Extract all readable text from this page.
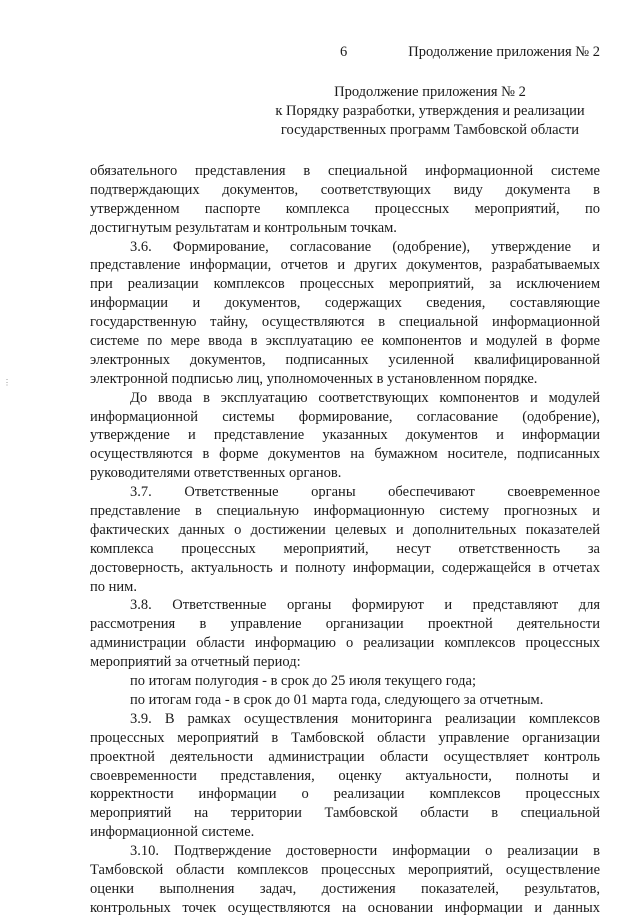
6	Продолжение приложения № 2
Продолжение приложения № 2
к Порядку разработки, утверждения и реализации
государственных программ Тамбовской области
обязательного представления в специальной информационной системе
подтверждающих документов, соответствующих виду документа в
утвержденном паспорте комплекса процессных мероприятий, по
достигнутым результатам и контрольным точкам.
3.6. Формирование, согласование (одобрение), утверждение и
представление информации, отчетов и других документов, разрабатываемых
при реализации комплексов процессных мероприятий, за исключением
информации и документов, содержащих сведения, составляющие
государственную тайну, осуществляются в специальной информационной
системе по мере ввода в эксплуатацию ее компонентов и модулей в форме
электронных документов, подписанных усиленной квалифицированной
электронной подписью лиц, уполномоченных в установленном порядке.
До ввода в эксплуатацию соответствующих компонентов и модулей
информационной системы формирование, согласование (одобрение),
утверждение и представление указанных документов и информации
осуществляются в форме документов на бумажном носителе, подписанных
руководителями ответственных органов.
3.7. Ответственные органы обеспечивают своевременное
представление в специальную информационную систему прогнозных и
фактических данных о достижении целевых и дополнительных показателей
комплекса процессных мероприятий, несут ответственность за
достоверность, актуальность и полноту информации, содержащейся в отчетах
по ним.
3.8. Ответственные органы формируют и представляют для
рассмотрения в управление организации проектной деятельности
администрации области информацию о реализации комплексов процессных
мероприятий за отчетный период:
по итогам полугодия - в срок до 25 июля текущего года;
по итогам года - в срок до 01 марта года, следующего за отчетным.
3.9. В рамках осуществления мониторинга реализации комплексов
процессных мероприятий в Тамбовской области управление организации
проектной деятельности администрации области осуществляет контроль
своевременности представления, оценку актуальности, полноты и
корректности информации о реализации комплексов процессных
мероприятий на территории Тамбовской области в специальной
информационной системе.
3.10. Подтверждение достоверности информации о реализации в
Тамбовской области комплексов процессных мероприятий, осуществление
оценки выполнения задач, достижения показателей, результатов,
контрольных точек осуществляются на основании информации и данных
⋮
